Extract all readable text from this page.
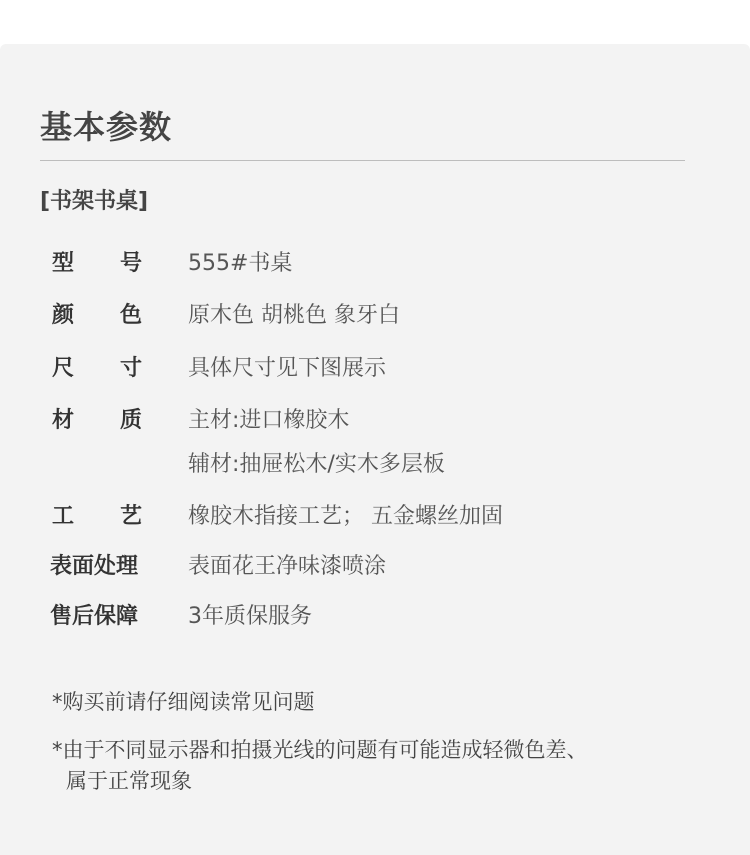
基本参数
[书架书桌]
型 号 555#书桌
颜 色 原木色 胡桃色 象牙白
尺 寸 具体尺寸见下图展示
材 质 主材:进口橡胶木
辅材:抽屉松木/实木多层板
工 艺 橡胶木指接工艺； 五金螺丝加固
表面处理 表面花王净味漆喷涂
售后保障 3年质保服务
*购买前请仔细阅读常见问题
*由于不同显示器和拍摄光线的问题有可能造成轻微色差、
属于正常现象
